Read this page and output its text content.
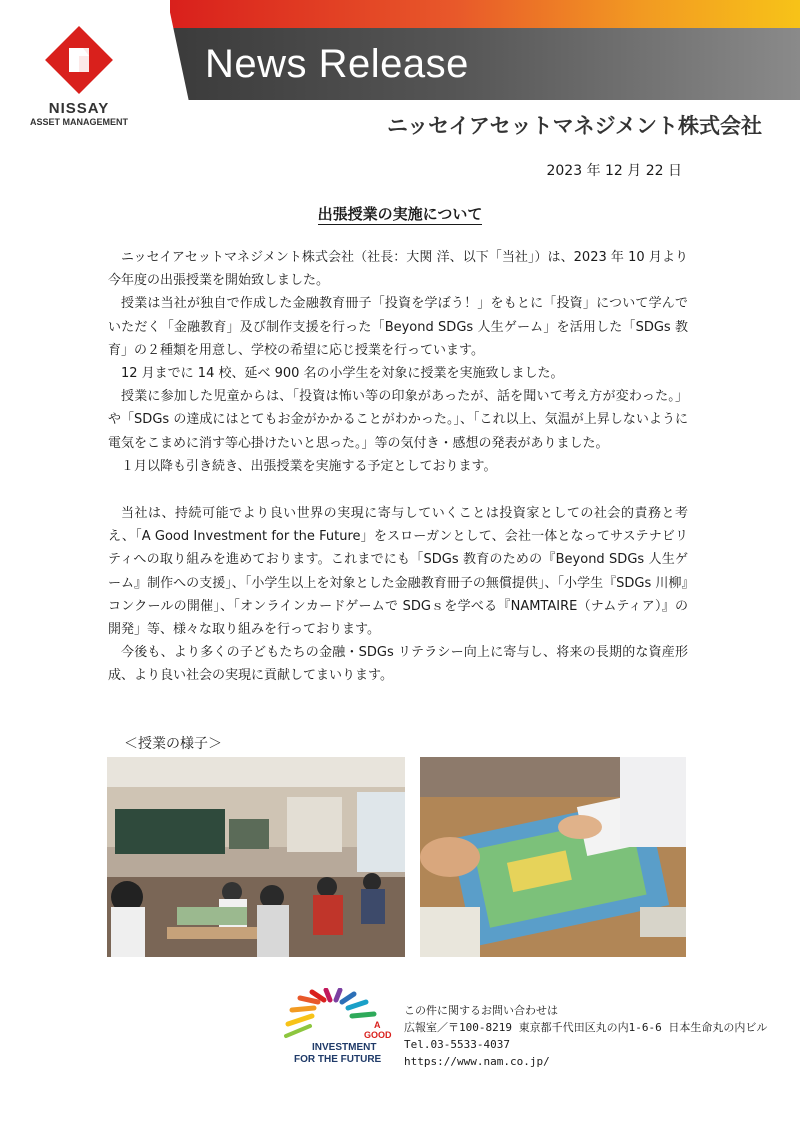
NISSAY
ASSET MANAGEMENT
News Release
ニッセイアセットマネジメント株式会社
2023 年 12 月 22 日
出張授業の実施について

ニッセイアセットマネジメント株式会社（社長：大関 洋、以下「当社」）は、2023 年 10 月より今年度の出張授業を開始致しました。

授業は当社が独自で作成した金融教育冊子「投資を学ぼう！」をもとに「投資」について学んでいただく「金融教育」及び制作支援を行った「Beyond SDGs 人生ゲーム」を活用した「SDGs 教育」の２種類を用意し、学校の希望に応じ授業を行っています。

12 月までに 14 校、延べ 900 名の小学生を対象に授業を実施致しました。

授業に参加した児童からは、「投資は怖い等の印象があったが、話を聞いて考え方が変わった。」や「SDGs の達成にはとてもお金がかかることがわかった。」、「これ以上、気温が上昇しないように電気をこまめに消す等心掛けたいと思った。」等の気付き・感想の発表がありました。

１月以降も引き続き、出張授業を実施する予定としております。

当社は、持続可能でより良い世界の実現に寄与していくことは投資家としての社会的責務と考え、「A Good Investment for the Future」をスローガンとして、会社一体となってサステナビリティへの取り組みを進めております。これまでにも「SDGs 教育のための『Beyond SDGs 人生ゲーム』制作への支援」、「小学生以上を対象とした金融教育冊子の無償提供」、「小学生『SDGs 川柳』コンクールの開催」、「オンラインカードゲームで SDGｓを学べる『NAMTAIRE（ナムティア）』の開発」等、様々な取り組みを行っております。

今後も、より多くの子どもたちの金融・SDGs リテラシー向上に寄与し、将来の長期的な資産形成、より良い社会の実現に貢献してまいります。

＜授業の様子＞
A
GOOD
INVESTMENT
FOR THE FUTURE
この件に関するお問い合わせは
広報室／〒100-8219 東京都千代田区丸の内1-6-6 日本生命丸の内ビル
Tel.03-5533-4037
https://www.nam.co.jp/
